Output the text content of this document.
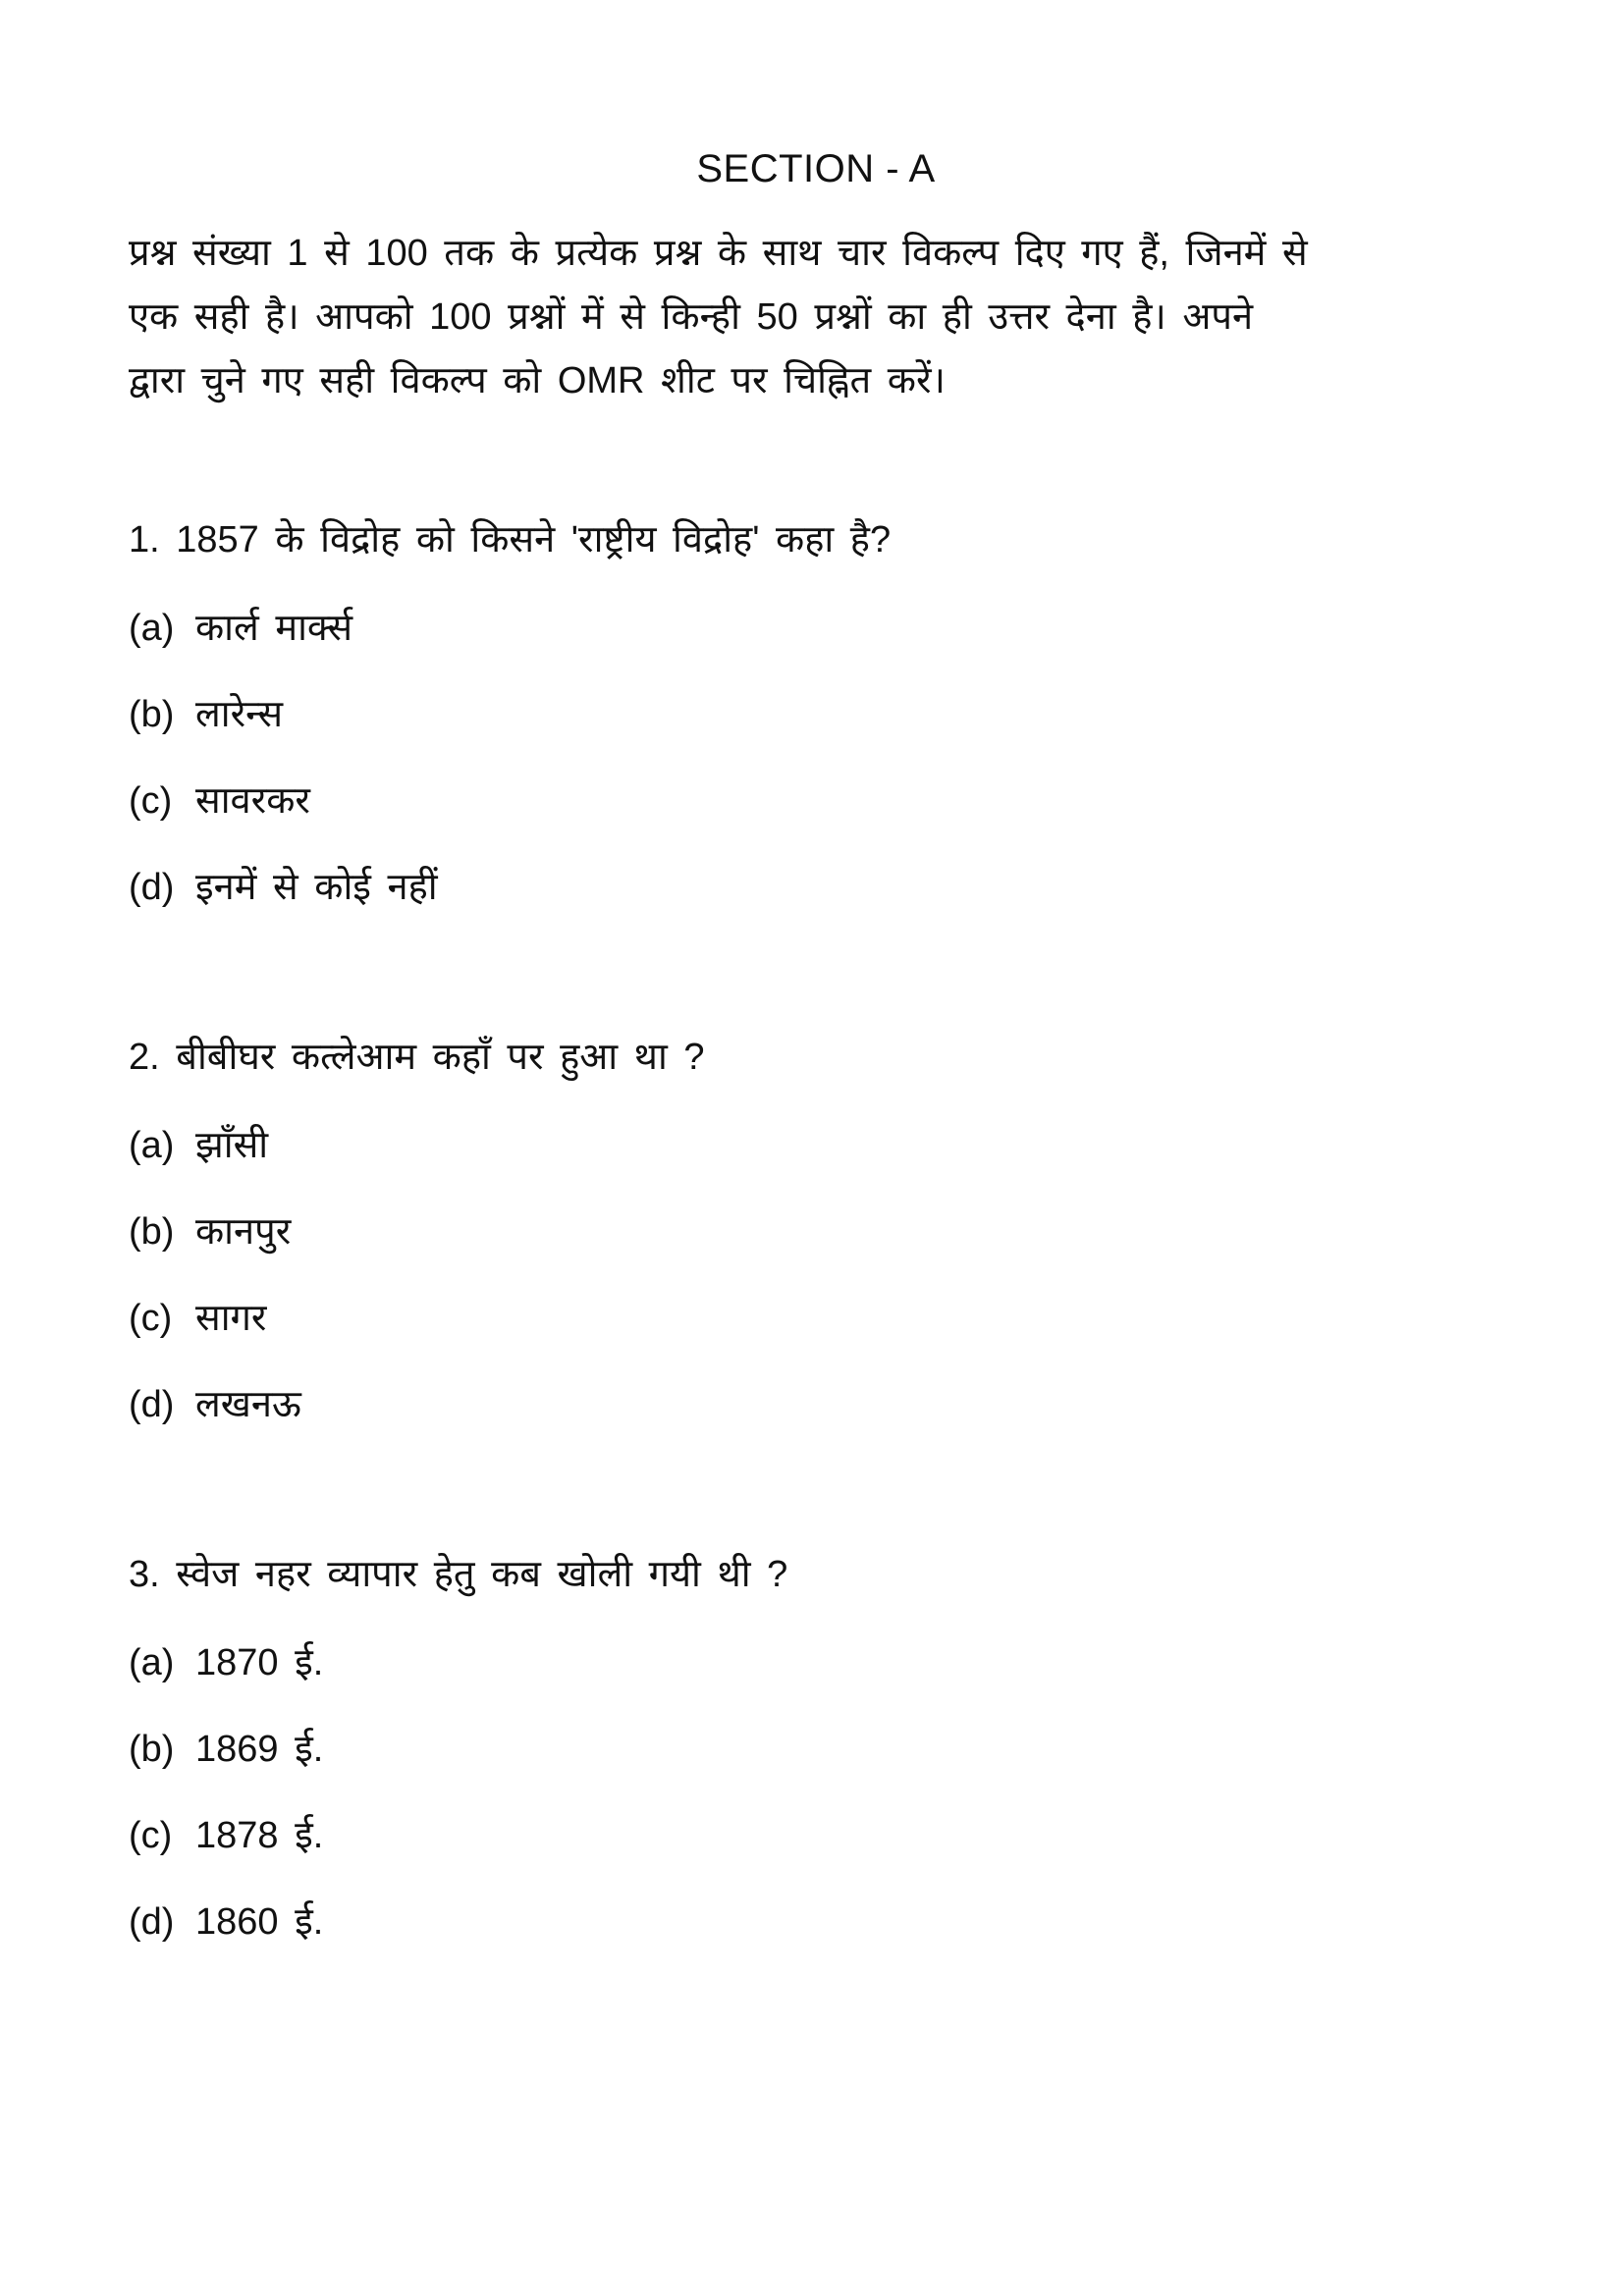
SECTION - A
प्रश्न संख्या 1 से 100 तक के प्रत्येक प्रश्न के साथ चार विकल्प दिए गए हैं, जिनमें से
एक सही है। आपको 100 प्रश्नों में से किन्ही 50 प्रश्नों का ही उत्तर देना है। अपने
द्वारा चुने गए सही विकल्प को OMR शीट पर चिह्नित करें।
1. 1857 के विद्रोह को किसने 'राष्ट्रीय विद्रोह' कहा है?
(a) कार्ल मार्क्स
(b) लारेन्स
(c) सावरकर
(d) इनमें से कोई नहीं
2. बीबीघर कत्लेआम कहाँ पर हुआ था ?
(a) झाँसी
(b) कानपुर
(c) सागर
(d) लखनऊ
3. स्वेज नहर व्यापार हेतु कब खोली गयी थी ?
(a) 1870 ई.
(b) 1869 ई.
(c) 1878 ई.
(d) 1860 ई.
